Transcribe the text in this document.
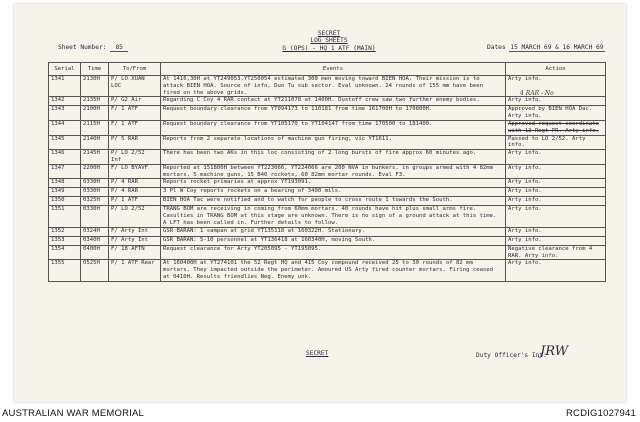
Sheet Number: 85
SECRET
LOG SHEETS
G (OPS) - HQ 1 ATF (MAIN)	Dates 15 MARCH 69 & 16 MARCH 69
Serial	Time	To/From	Events	Action
1341	2130H	P/ LO XUAN LOC	At 1416,30H at YT249053,YT250054 estimated 300 men moving toward BIEN HOA. Their mission is to attack BIEN HOA. Source of info, Duo Tu sub sector. Eval unknown. 24 rounds of 155 mm have been fired on the above grids.	Arty info.
1342	2135H	P/ G2 Air	Regarding C Coy 4 RAR contact at YT211078 at 1400H. Dustoff crew saw two further enemy bodies.	Arty info.
1343	2100H	F/ 1 ATF	Request boundary clearance from YT094173 to 110181 from time 161700H to 170800H.	Approved by BIEN HOA Dac. Arty info.
1344	2115H	F/ 1 ATF	Request boundary clearance from YT105170 to YT104147 from time 170500 to 181400.	Approved request coordinate with 12 Regt PR. Arty info.
1345	2140H	P/ 5 RAR	Reports from 2 separate locations of machine gun firing, vic YT1611.	Passed to LO 2/52. Arty info.
1346	2145H	P/ LO 2/52 Inf	There has been two AKs in this loc consisting of 2 long bursts of fire approx 60 minutes ago.	Arty info.
1347	2200H	F/ LO BYAVF	Reported at 151800H between YT223066, YT224066 are 200 NVA in bunkers, in groups armed with 4 82mm mortars, 5 machine guns, 15 B40 rockets, 60 82mm mortar rounds. Eval F3.	Arty info.
1348	0330H	P/ 4 RAR	Reports rocket primaries at approx YT193091.	Arty info.
1349	0330H	P/ 4 RAR	3 Pl W Coy reports rockets on a bearing of 3400 mils.	Arty info.
1350	0325H	P/ 1 ATF	BIEN HOA Tac were notified and to watch for people to cross route 1 towards the South.	Arty info.
1351	0330H	P/ LO 2/52	TRANG BOM are receiving in coming from 60mm mortars. 40 rounds have hit plus small arms fire. Casulties in TRANG BOM at this stage are unknown. There is no sign of a ground attack at this time. A LFT has been called in. Further details to follow.	Arty info.
1352	0324H	F/ Arty Int	GSR BARAN: 1 sampan at grid YT135118 at 160322H. Stationary.	Arty info.
1353	0340H	F/ Arty Int	GSR BARAN: 5-10 personnel at YT136418 at 160340H, moving South.	Arty info.
1354	0400H	F/ 18 AFTN	Request clearance for Arty YT205095 - YT195095.	Negative clearance from 4 RAR. Arty info.
1355	0525H	P/ 1 ATF Rear	At 160400H at YT274101 the 52 Regt HQ and 415 Coy compound received 25 to 30 rounds of 82 mm mortars. They impacted outside the perimeter. Amoured US Arty fired counter mortars. Firing ceased at 0410H. Results friendlies Neg. Enemy unk.	Arty info.
4 RAR - No
SECRET	Duty Officer's Int:
JRW
AUSTRALIAN WAR MEMORIAL	RCDIG1027941
